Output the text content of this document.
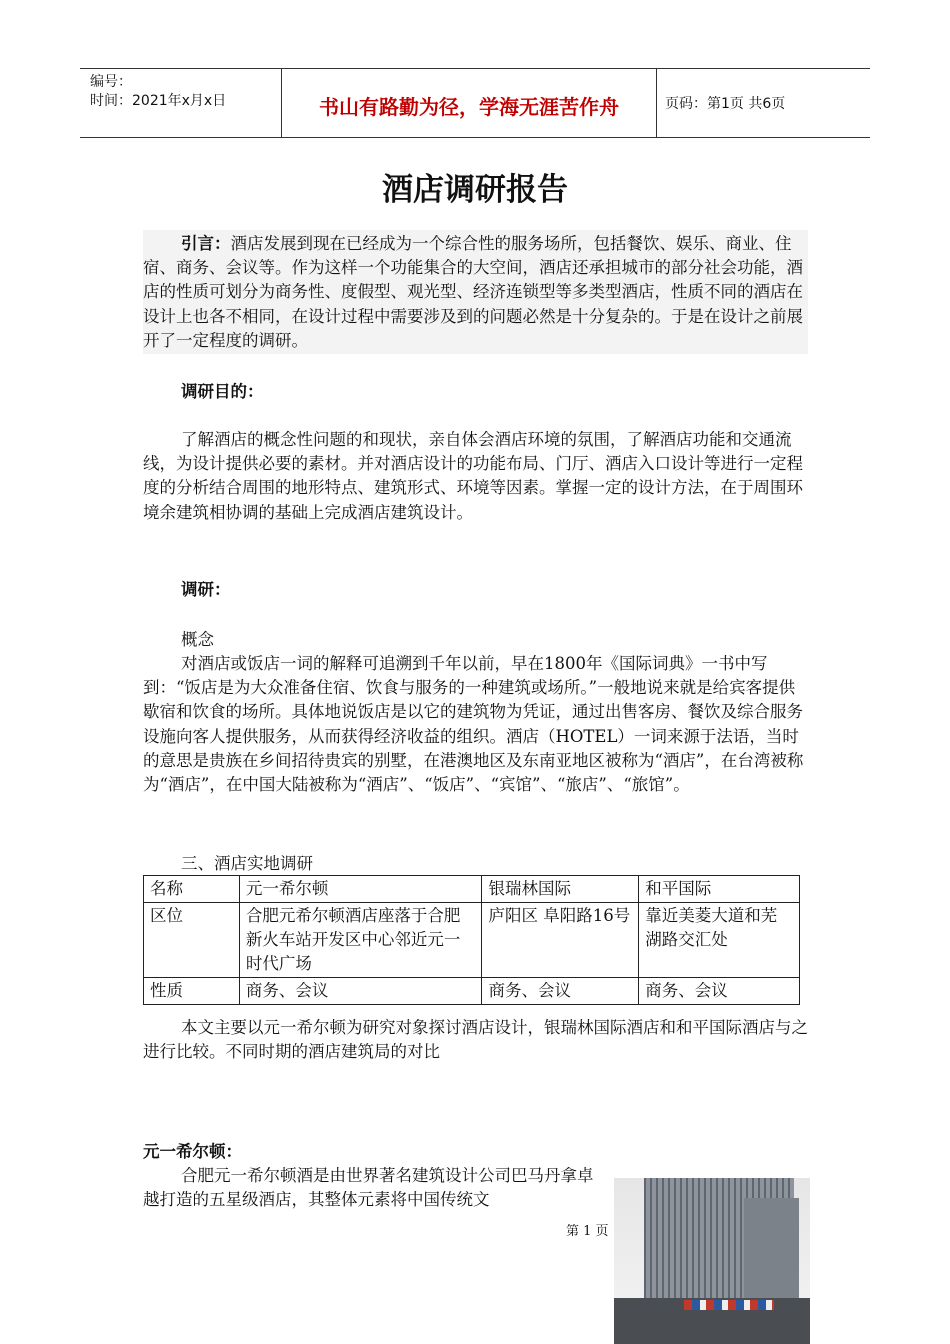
编号：
时间：2021年x月x日	书山有路勤为径，学海无涯苦作舟	页码：第1页 共6页
酒店调研报告

引言：酒店发展到现在已经成为一个综合性的服务场所，包括餐饮、娱乐、商业、住宿、商务、会议等。作为这样一个功能集合的大空间，酒店还承担城市的部分社会功能，酒店的性质可划分为商务性、度假型、观光型、经济连锁型等多类型酒店，性质不同的酒店在设计上也各不相同，在设计过程中需要涉及到的问题必然是十分复杂的。于是在设计之前展开了一定程度的调研。

调研目的：

了解酒店的概念性问题的和现状，亲自体会酒店环境的氛围，了解酒店功能和交通流线，为设计提供必要的素材。并对酒店设计的功能布局、门厅、酒店入口设计等进行一定程度的分析结合周围的地形特点、建筑形式、环境等因素。掌握一定的设计方法，在于周围环境余建筑相协调的基础上完成酒店建筑设计。

调研：

概念

对酒店或饭店一词的解释可追溯到千年以前，早在1800年《国际词典》一书中写到：“饭店是为大众准备住宿、饮食与服务的一种建筑或场所。”一般地说来就是给宾客提供歇宿和饮食的场所。具体地说饭店是以它的建筑物为凭证，通过出售客房、餐饮及综合服务设施向客人提供服务，从而获得经济收益的组织。酒店（HOTEL）一词来源于法语，当时的意思是贵族在乡间招待贵宾的别墅，在港澳地区及东南亚地区被称为“酒店”，在台湾被称为“酒店”，在中国大陆被称为“酒店”、“饭店”、“宾馆”、“旅店”、“旅馆”。

三、酒店实地调研

名称	元一希尔顿	银瑞林国际	和平国际
区位	合肥元希尔顿酒店座落于合肥新火车站开发区中心邻近元一时代广场	庐阳区 阜阳路16号	靠近美菱大道和芜湖路交汇处
性质	商务、会议	商务、会议	商务、会议

本文主要以元一希尔顿为研究对象探讨酒店设计，银瑞林国际酒店和和平国际酒店与之进行比较。不同时期的酒店建筑局的对比

元一希尔顿：

合肥元一希尔顿酒是由世界著名建筑设计公司巴马丹拿卓越打造的五星级酒店，其整体元素将中国传统文

第 1 页
